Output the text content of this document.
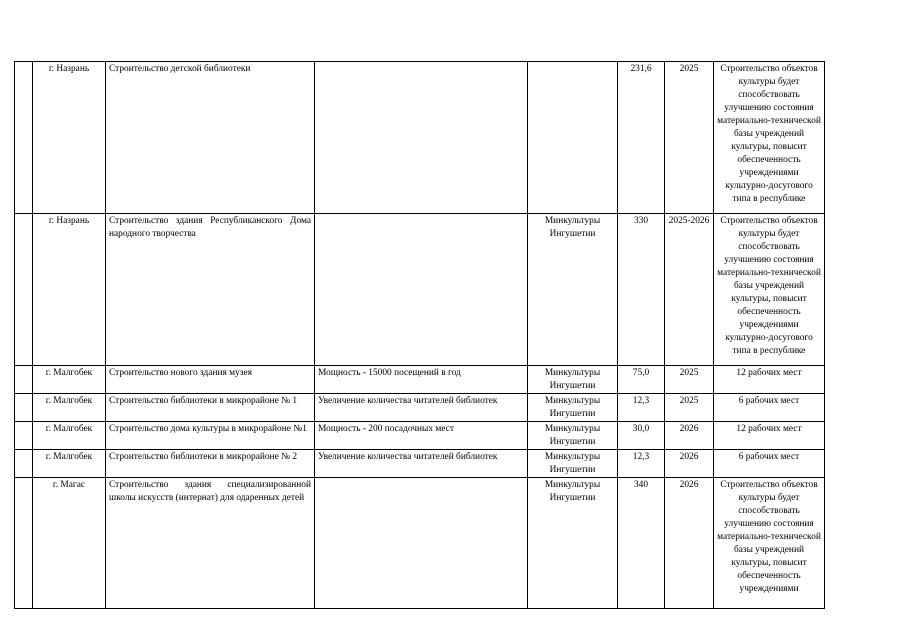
	г. Назрань	Строительство детской библиотеки			231,6	2025	Строительство объектов культуры будет способствовать улучшению состояния материально-технической базы учреждений культуры, повысит обеспеченность учреждениями культурно-досугового типа в республике
	г. Назрань	Строительство здания Республиканского Дома народного творчества		Минкультуры Ингушетии	330	2025-2026	Строительство объектов культуры будет способствовать улучшению состояния материально-технической базы учреждений культуры, повысит обеспеченность учреждениями культурно-досугового типа в республике
	г. Малгобек	Строительство нового здания музея	Мощность - 15000 посещений в год	Минкультуры Ингушетии	75,0	2025	12 рабочих мест
	г. Малгобек	Строительство библиотеки в микрорайоне № 1	Увеличение количества читателей библиотек	Минкультуры Ингушетии	12,3	2025	6 рабочих мест
	г. Малгобек	Строительство дома культуры в микрорайоне №1	Мощность - 200 посадочных мест	Минкультуры Ингушетии	30,0	2026	12 рабочих мест
	г. Малгобек	Строительство библиотеки в микрорайоне № 2	Увеличение количества читателей библиотек	Минкультуры Ингушетии	12,3	2026	6 рабочих мест
	г. Магас	Строительство здания специализированной школы искусств (интернат) для одаренных детей		Минкультуры Ингушетии	340	2026	Строительство объектов культуры будет способствовать улучшению состояния материально-технической базы учреждений культуры, повысит обеспеченность учреждениями
